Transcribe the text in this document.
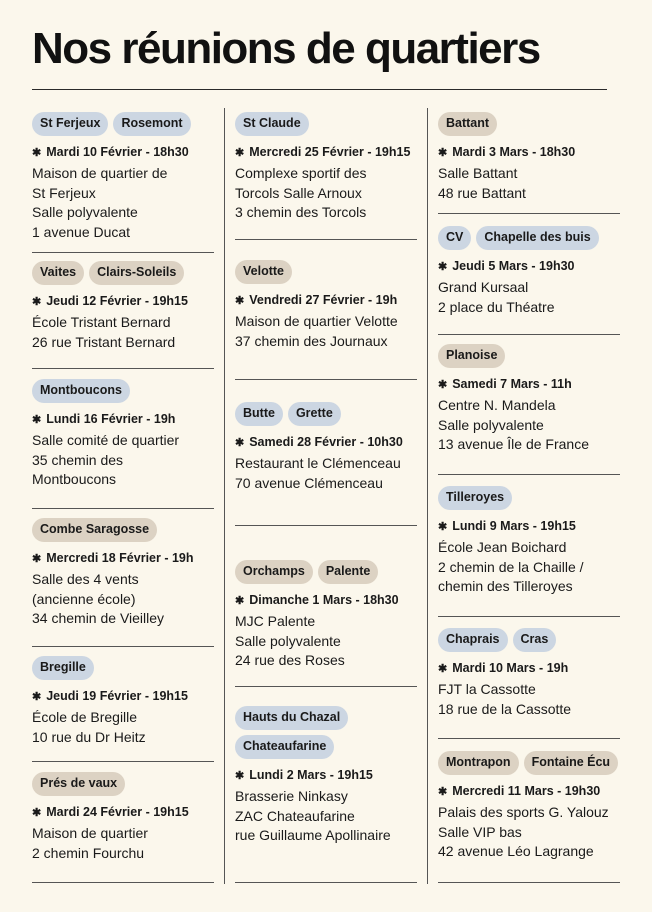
Nos réunions de quartiers
St Ferjeux	Rosemont
✱ Mardi 10 Février - 18h30
Maison de quartier de
St Ferjeux
Salle polyvalente
1 avenue Ducat
Vaites	Clairs-Soleils
✱ Jeudi 12 Février - 19h15
École Tristant Bernard
26 rue Tristant Bernard
Montboucons
✱ Lundi 16 Février - 19h
Salle comité de quartier
35 chemin des
Montboucons
Combe Saragosse
✱ Mercredi 18 Février - 19h
Salle des 4 vents
(ancienne école)
34 chemin de Vieilley
Bregille
✱ Jeudi 19 Février - 19h15
École de Bregille
10 rue du Dr Heitz
Prés de vaux
✱ Mardi 24 Février - 19h15
Maison de quartier
2 chemin Fourchu
St Claude
✱ Mercredi 25 Février - 19h15
Complexe sportif des
Torcols Salle Arnoux
3 chemin des Torcols
Velotte
✱ Vendredi 27 Février - 19h
Maison de quartier Velotte
37 chemin des Journaux
Butte	Grette
✱ Samedi 28 Février - 10h30
Restaurant le Clémenceau
70 avenue Clémenceau
Orchamps	Palente
✱ Dimanche 1 Mars - 18h30
MJC Palente
Salle polyvalente
24 rue des Roses
Hauts du Chazal
Chateaufarine
✱ Lundi 2 Mars - 19h15
Brasserie Ninkasy
ZAC Chateaufarine
rue Guillaume Apollinaire
Battant
✱ Mardi 3 Mars - 18h30
Salle Battant
48 rue Battant
CV	Chapelle des buis
✱ Jeudi 5 Mars - 19h30
Grand Kursaal
2 place du Théatre
Planoise
✱ Samedi 7 Mars - 11h
Centre N. Mandela
Salle polyvalente
13 avenue Île de France
Tilleroyes
✱ Lundi 9 Mars - 19h15
École Jean Boichard
2 chemin de la Chaille /
chemin des Tilleroyes
Chaprais	Cras
✱ Mardi 10 Mars - 19h
FJT la Cassotte
18 rue de la Cassotte
Montrapon	Fontaine Écu
✱ Mercredi 11 Mars - 19h30
Palais des sports G. Yalouz
Salle VIP bas
42 avenue Léo Lagrange
